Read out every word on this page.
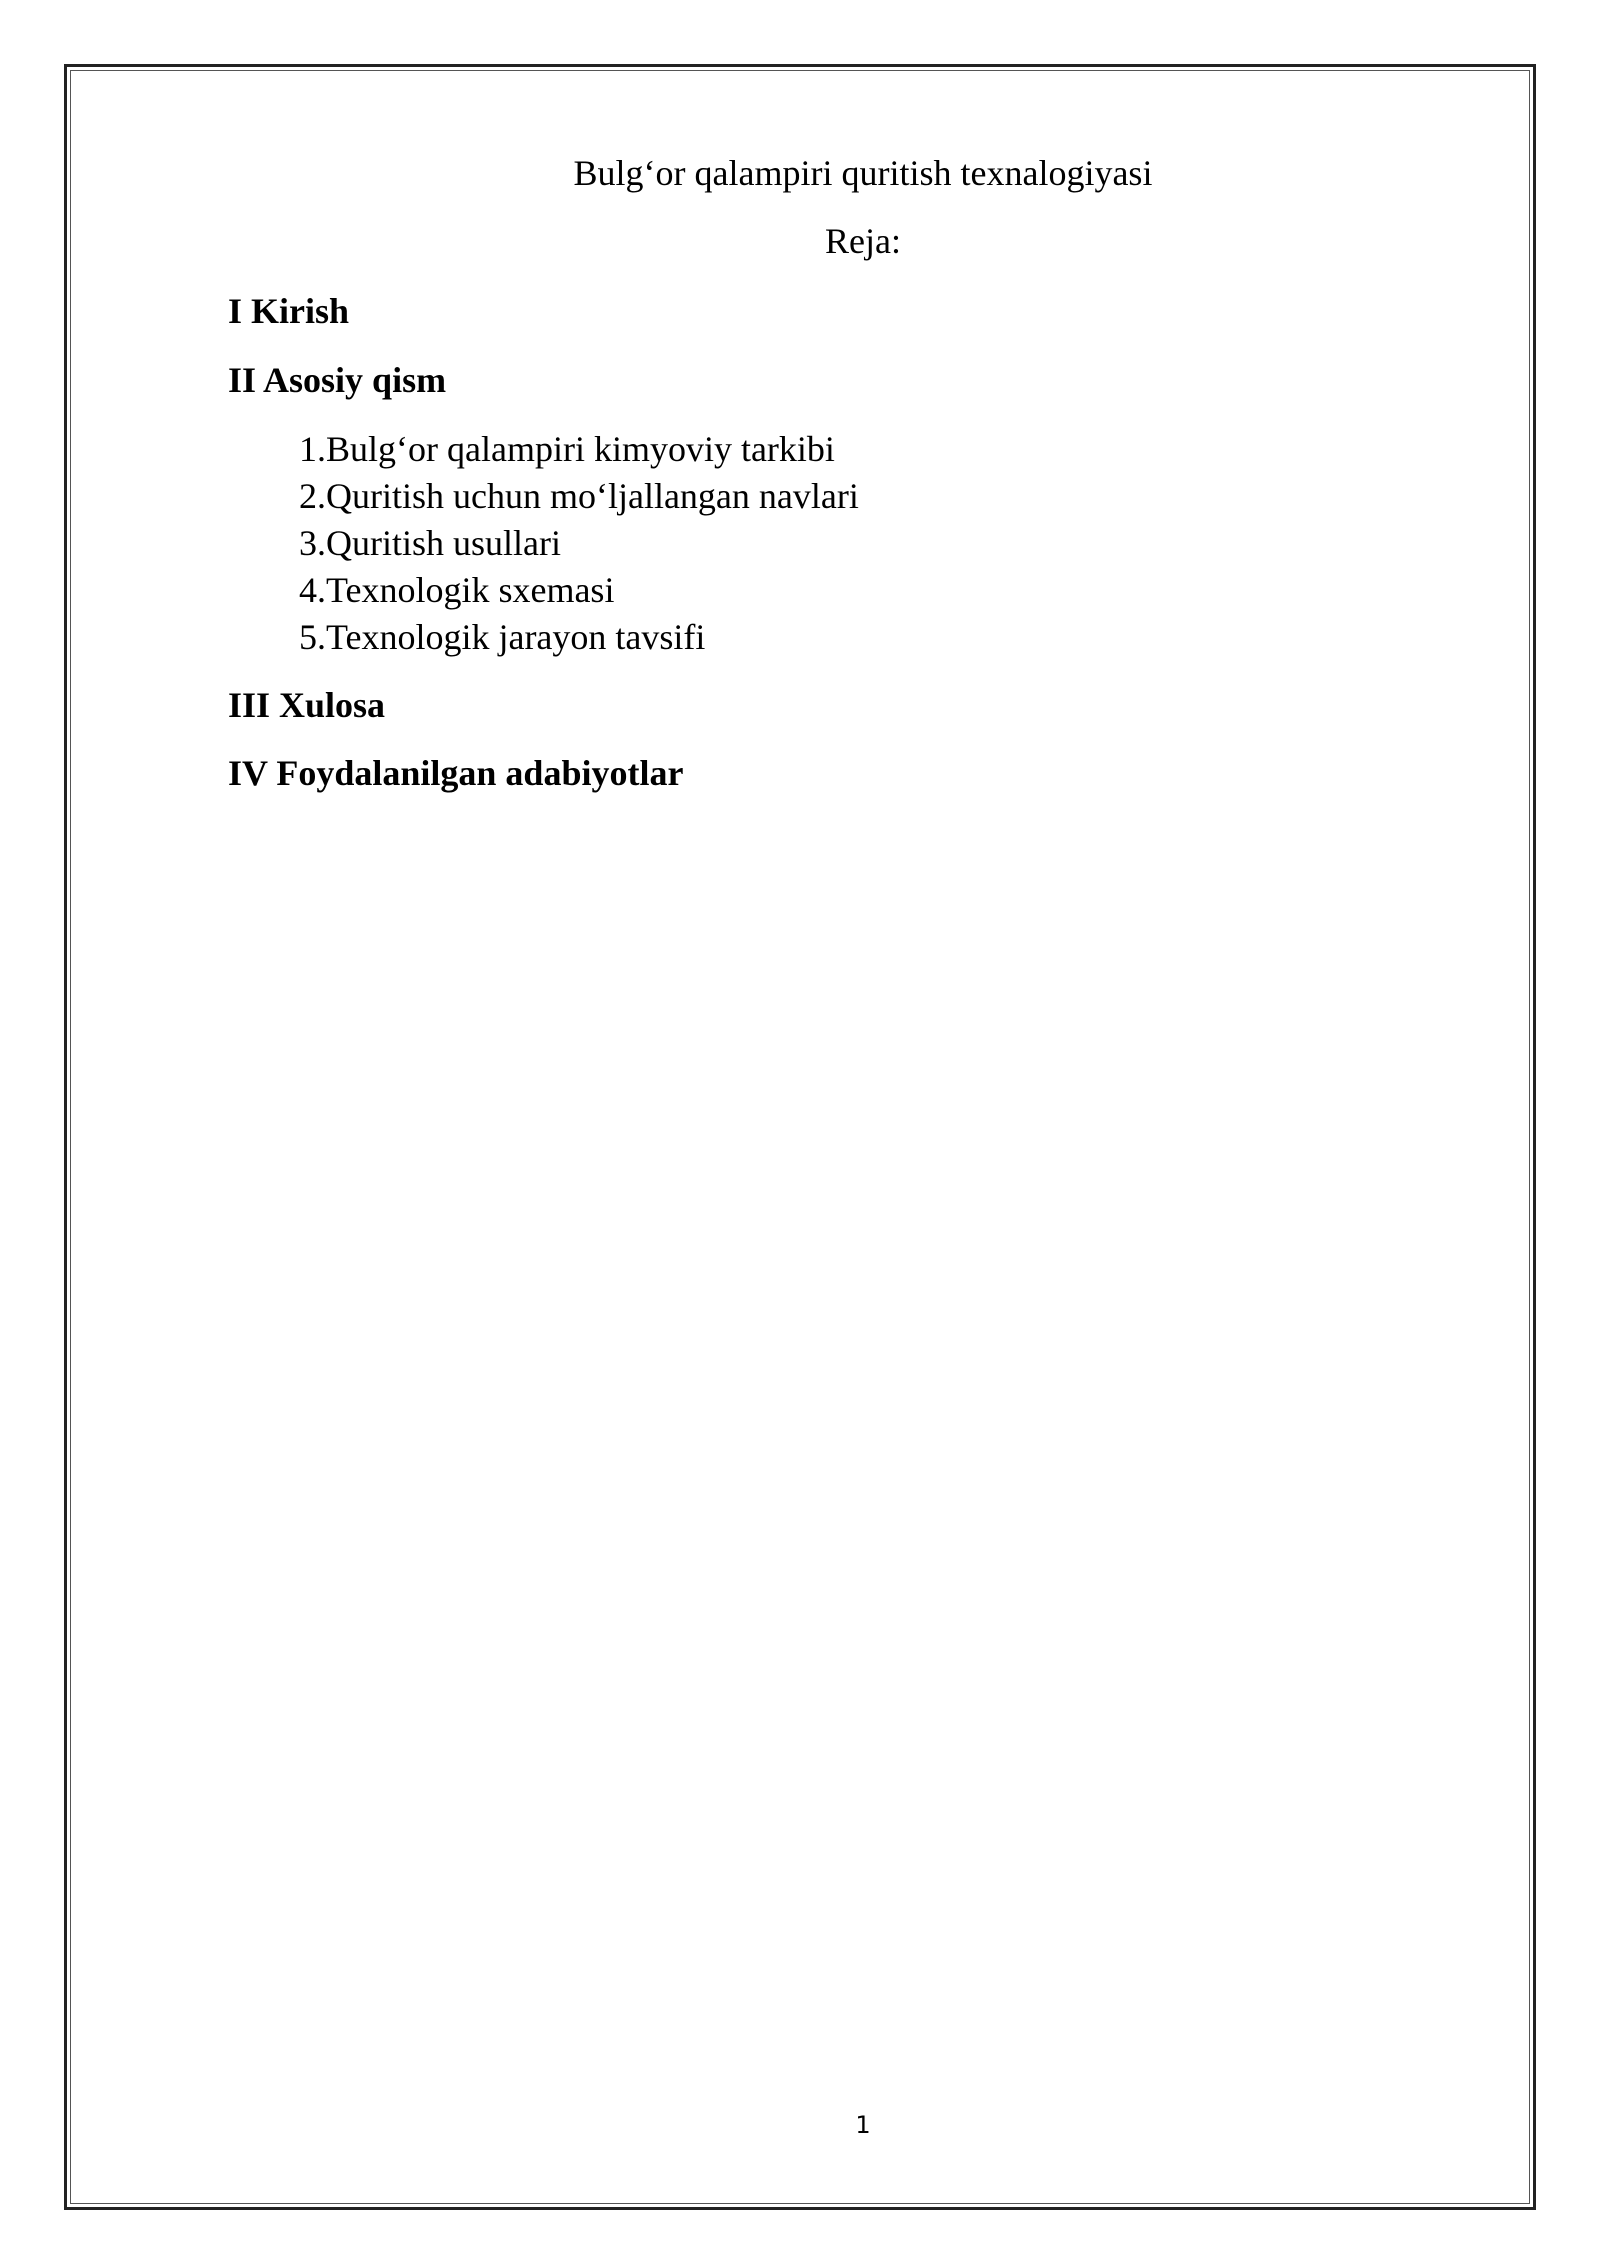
Bulg‘or qalampiri quritish texnalogiyasi

Reja:

I Kirish

II Asosiy qism

1. Bulg‘or qalampiri kimyoviy tarkibi
2. Quritish uchun mo‘ljallangan navlari
3. Quritish usullari
4. Texnologik sxemasi
5. Texnologik jarayon tavsifi

III Xulosa

IV Foydalanilgan adabiyotlar

1
